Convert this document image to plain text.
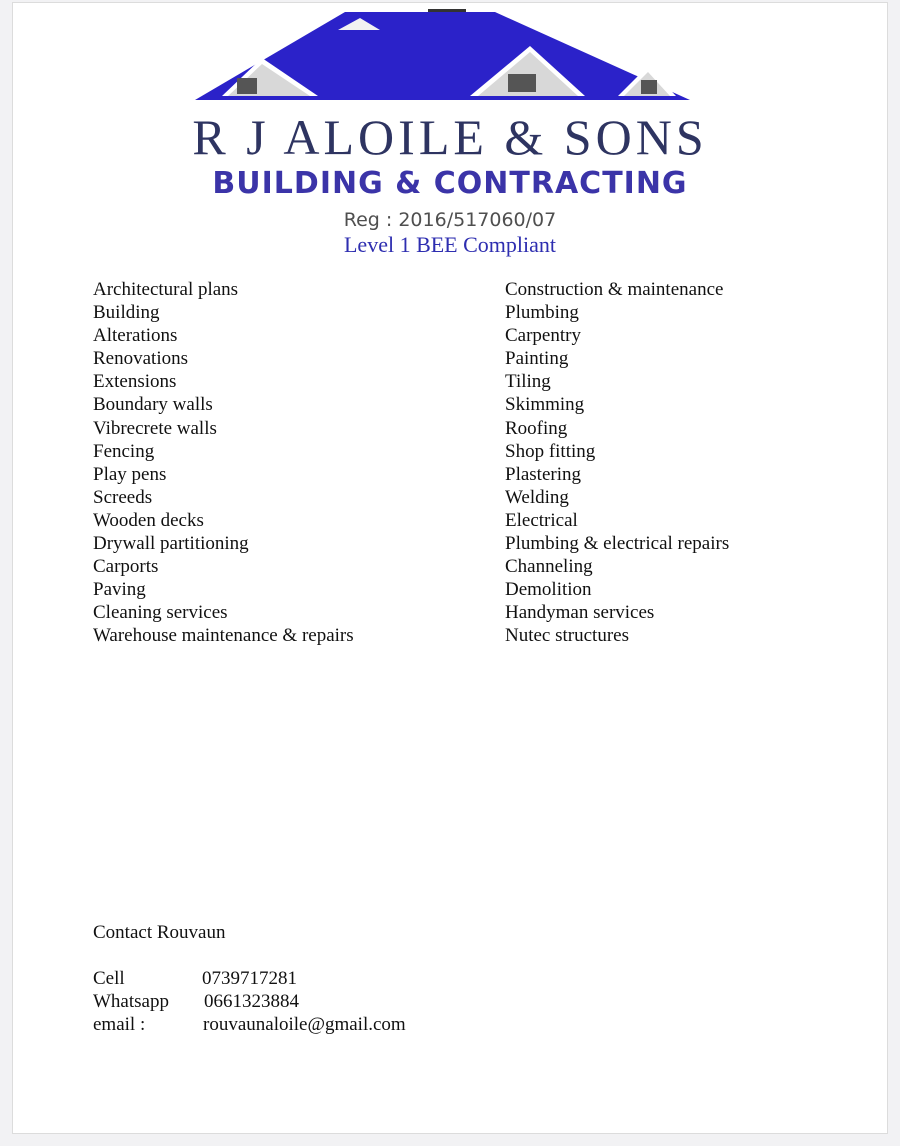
R J ALOILE & SONS
BUILDING & CONTRACTING
Reg : 2016/517060/07
Level 1 BEE Compliant
Architectural plans
Building
Alterations
Renovations
Extensions
Boundary walls
Vibrecrete walls
Fencing
Play pens
Screeds
Wooden decks
Drywall partitioning
Carports
Paving
Cleaning services
Warehouse maintenance & repairs
Construction & maintenance
Plumbing
Carpentry
Painting
Tiling
Skimming
Roofing
Shop fitting
Plastering
Welding
Electrical
Plumbing & electrical repairs
Channeling
Demolition
Handyman services
Nutec structures
Contact Rouvaun
Cell	0739717281
Whatsapp 0661323884
email :	rouvaunaloile@gmail.com
